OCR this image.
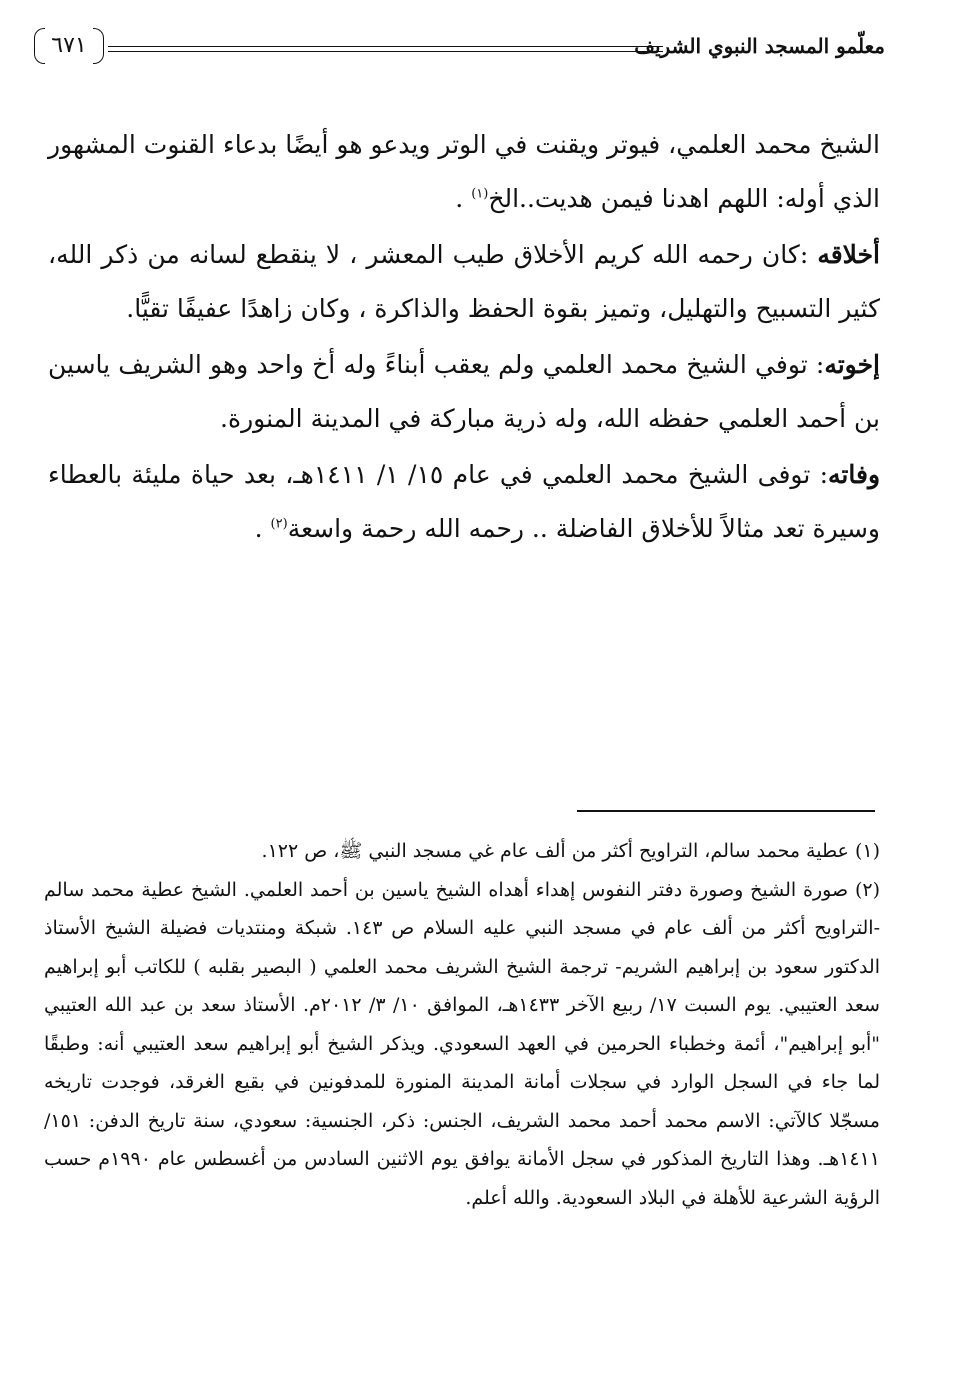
معلّمو المسجد النبوي الشريف
٦٧١

الشيخ محمد العلمي، فيوتر ويقنت في الوتر ويدعو هو أيضًا بدعاء القنوت المشهور الذي أوله: اللهم اهدنا فيمن هديت..الخ$^{(١)}$ .

أخلاقه :كان رحمه الله كريم الأخلاق طيب المعشر ، لا ينقطع لسانه من ذكر الله، كثير التسبيح والتهليل، وتميز بقوة الحفظ والذاكرة ، وكان زاهدًا عفيفًا تقيًّا.

إخوته: توفي الشيخ محمد العلمي ولم يعقب أبناءً وله أخ واحد وهو الشريف ياسين بن أحمد العلمي حفظه الله، وله ذرية مباركة في المدينة المنورة.

وفاته: توفى الشيخ محمد العلمي في عام ١٥/ ١/ ١٤١١هـ، بعد حياة مليئة بالعطاء وسيرة تعد مثالاً للأخلاق الفاضلة .. رحمه الله رحمة واسعة$^{(٢)}$ .

(١) عطية محمد سالم، التراويح أكثر من ألف عام غي مسجد النبي ﷺ، ص ١٢٢.

(٢) صورة الشيخ وصورة دفتر النفوس إهداء أهداه الشيخ ياسين بن أحمد العلمي. الشيخ عطية محمد سالم -التراويح أكثر من ألف عام في مسجد النبي عليه السلام ص ١٤٣. شبكة ومنتديات فضيلة الشيخ الأستاذ الدكتور سعود بن إبراهيم الشريم- ترجمة الشيخ الشريف محمد العلمي ( البصير بقلبه ) للكاتب أبو إبراهيم سعد العتيبي. يوم السبت ١٧/ ربيع الآخر ١٤٣٣هـ، الموافق ١٠/ ٣/ ٢٠١٢م. الأستاذ سعد بن عبد الله العتيبي "أبو إبراهيم"، أئمة وخطباء الحرمين في العهد السعودي. ويذكر الشيخ أبو إبراهيم سعد العتيبي أنه: وطبقًا لما جاء في السجل الوارد في سجلات أمانة المدينة المنورة للمدفونين في بقيع الغرقد، فوجدت تاريخه مسجّلا كالآتي: الاسم محمد أحمد محمد الشريف، الجنس: ذكر، الجنسية: سعودي، سنة تاريخ الدفن: ١٥١/ ١٤١١هـ. وهذا التاريخ المذكور في سجل الأمانة يوافق يوم الاثنين السادس من أغسطس عام ١٩٩٠م حسب الرؤية الشرعية للأهلة في البلاد السعودية. والله أعلم.
